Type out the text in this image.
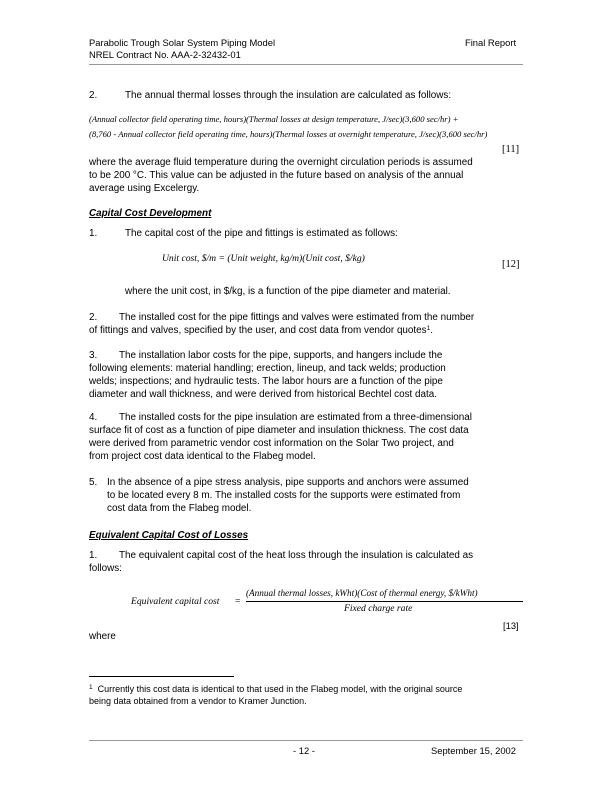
Parabolic Trough Solar System Piping Model
NREL Contract No. AAA-2-32432-01
Final Report
2.	The annual thermal losses through the insulation are calculated as follows:
(Annual collector field operating time, hours)(Thermal losses at design temperature, J/sec)(3,600 sec/hr) +
(8,760 - Annual collector field operating time, hours)(Thermal losses at overnight temperature, J/sec)(3,600 sec/hr)
[11]
where the average fluid temperature during the overnight circulation periods is assumed
to be 200 °C. This value can be adjusted in the future based on analysis of the annual
average using Excelergy.
Capital Cost Development
1.	The capital cost of the pipe and fittings is estimated as follows:
Unit cost, $/m = (Unit weight, kg/m)(Unit cost, $/kg)
[12]
where the unit cost, in $/kg, is a function of the pipe diameter and material.
2.        The installed cost for the pipe fittings and valves were estimated from the number
of fittings and valves, specified by the user, and cost data from vendor quotes$^1$.
3.        The installation labor costs for the pipe, supports, and hangers include the
following elements: material handling; erection, lineup, and tack welds; production
welds; inspections; and hydraulic tests. The labor hours are a function of the pipe
diameter and wall thickness, and were derived from historical Bechtel cost data.
4.        The installed costs for the pipe insulation are estimated from a three-dimensional
surface fit of cost as a function of pipe diameter and insulation thickness. The cost data
were derived from parametric vendor cost information on the Solar Two project, and
from project cost data identical to the Flabeg model.
5. In the absence of a pipe stress analysis, pipe supports and anchors were assumed
to be located every 8 m. The installed costs for the supports were estimated from
cost data from the Flabeg model.
Equivalent Capital Cost of Losses
1.        The equivalent capital cost of the heat loss through the insulation is calculated as
follows:
Equivalent capital cost =
(Annual thermal losses, kWht)(Cost of thermal energy, $/kWht)
Fixed charge rate
[13]
where
$^1$ Currently this cost data is identical to that used in the Flabeg model, with the original source
being data obtained from a vendor to Kramer Junction.
- 12 -	September 15, 2002
